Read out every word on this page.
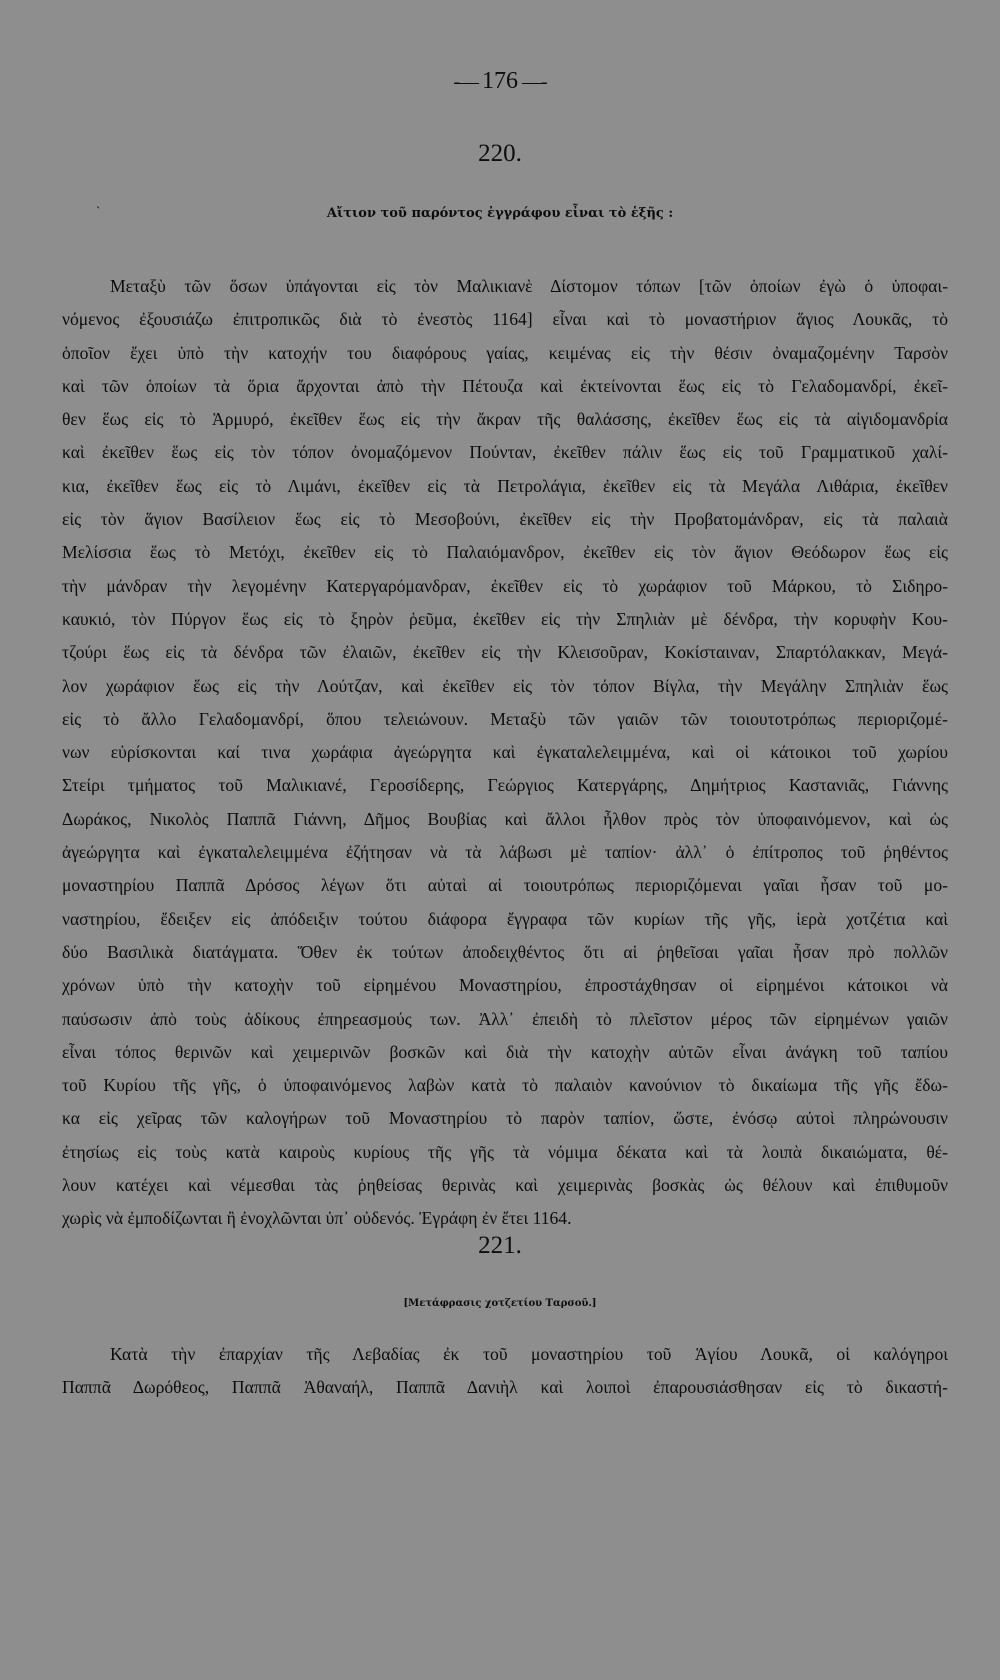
‑— 176 —‑
220.
ˎ
Αἴτιον τοῦ παρόντος ἐγγράφου εἶναι τὸ ἑξῆς :
Μεταξὺ τῶν ὅσων ὑπάγονται εἰς τὸν Μαλικιανὲ Δίστομον τόπων [τῶν ὁποίων ἐγὼ ὁ ὑποφαι-
νόμενος ἐξουσιάζω ἐπιτροπικῶς διὰ τὸ ἐνεστὸς 1164] εἶναι καὶ τὸ μοναστήριον ἅγιος Λουκᾶς, τὸ
ὁποῖον ἔχει ὑπὸ τὴν κατοχήν του διαφόρους γαίας, κειμένας εἰς τὴν θέσιν ὀναμαζομένην Ταρσὸν
καὶ τῶν ὁποίων τὰ ὅρια ἄρχονται ἀπὸ τὴν Πέτουζα καὶ ἐκτείνονται ἕως εἰς τὸ Γελαδομανδρί, ἐκεῖ-
θεν ἕως εἰς τὸ Ἁρμυρό, ἐκεῖθεν ἕως εἰς τὴν ἄκραν τῆς θαλάσσης, ἐκεῖθεν ἕως εἰς τὰ αἰγιδομανδρία
καὶ ἐκεῖθεν ἕως εἰς τὸν τόπον ὀνομαζόμενον Πούνταν, ἐκεῖθεν πάλιν ἕως εἰς τοῦ Γραμματικοῦ χαλί-
κια, ἐκεῖθεν ἕως εἰς τὸ Λιμάνι, ἐκεῖθεν εἰς τὰ Πετρολάγια, ἐκεῖθεν εἰς τὰ Μεγάλα Λιθάρια, ἐκεῖθεν
εἰς τὸν ἅγιον Βασίλειον ἕως εἰς τὸ Μεσοβούνι, ἐκεῖθεν εἰς τὴν Προβατομάνδραν, εἰς τὰ παλαιὰ
Μελίσσια ἕως τὸ Μετόχι, ἐκεῖθεν εἰς τὸ Παλαιόμανδρον, ἐκεῖθεν εἰς τὸν ἅγιον Θεόδωρον ἕως εἰς
τὴν μάνδραν τὴν λεγομένην Κατεργαρόμανδραν, ἐκεῖθεν εἰς τὸ χωράφιον τοῦ Μάρκου, τὸ Σιδηρο-
καυκιό, τὸν Πύργον ἕως εἰς τὸ ξηρὸν ῥεῦμα, ἐκεῖθεν εἰς τὴν Σπηλιὰν μὲ δένδρα, τὴν κορυφὴν Κου-
τζούρι ἕως εἰς τὰ δένδρα τῶν ἐλαιῶν, ἐκεῖθεν εἰς τὴν Κλεισοῦραν, Κοκίσταιναν, Σπαρτόλακκαν, Μεγά-
λον χωράφιον ἕως εἰς τὴν Λούτζαν, καὶ ἐκεῖθεν εἰς τὸν τόπον Βίγλα, τὴν Μεγάλην Σπηλιὰν ἕως
εἰς τὸ ἄλλο Γελαδομανδρί, ὅπου τελειώνουν. Μεταξὺ τῶν γαιῶν τῶν τοιουτοτρόπως περιοριζομέ-
νων εὑρίσκονται καί τινα χωράφια ἀγεώργητα καὶ ἐγκαταλελειμμένα, καὶ οἱ κάτοικοι τοῦ χωρίου
Στείρι τμήματος τοῦ Μαλικιανέ, Γεροσίδερης, Γεώργιος Κατεργάρης, Δημήτριος Καστανιᾶς, Γιάννης
Δωράκος, Νικολὸς Παππᾶ Γιάννη, Δῆμος Βουβίας καὶ ἄλλοι ἦλθον πρὸς τὸν ὑποφαινόμενον, καὶ ὡς
ἀγεώργητα καὶ ἐγκαταλελειμμένα ἐζήτησαν νὰ τὰ λάβωσι μὲ ταπίον· ἀλλ᾽ ὁ ἐπίτροπος τοῦ ῥηθέντος
μοναστηρίου Παππᾶ Δρόσος λέγων ὅτι αὐταὶ αἱ τοιουτρόπως περιοριζόμεναι γαῖαι ἦσαν τοῦ μο-
ναστηρίου, ἔδειξεν εἰς ἀπόδειξιν τούτου διάφορα ἔγγραφα τῶν κυρίων τῆς γῆς, ἱερὰ χοτζέτια καὶ
δύο Βασιλικὰ διατάγματα. Ὅθεν ἐκ τούτων ἀποδειχθέντος ὅτι αἱ ῥηθεῖσαι γαῖαι ἦσαν πρὸ πολλῶν
χρόνων ὑπὸ τὴν κατοχὴν τοῦ εἰρημένου Μοναστηρίου, ἐπροστάχθησαν οἱ εἰρημένοι κάτοικοι νὰ
παύσωσιν ἀπὸ τοὺς ἀδίκους ἐπηρεασμούς των. Ἀλλ᾽ ἐπειδὴ τὸ πλεῖστον μέρος τῶν εἰρημένων γαιῶν
εἶναι τόπος θερινῶν καὶ χειμερινῶν βοσκῶν καὶ διὰ τὴν κατοχὴν αὐτῶν εἶναι ἀνάγκη τοῦ ταπίου
τοῦ Κυρίου τῆς γῆς, ὁ ὑποφαινόμενος λαβὼν κατὰ τὸ παλαιὸν κανούνιον τὸ δικαίωμα τῆς γῆς ἔδω-
κα εἰς χεῖρας τῶν καλογήρων τοῦ Μοναστηρίου τὸ παρὸν ταπίον, ὥστε, ἐνόσῳ αὐτοὶ πληρώνουσιν
ἐτησίως εἰς τοὺς κατὰ καιροὺς κυρίους τῆς γῆς τὰ νόμιμα δέκατα καὶ τὰ λοιπὰ δικαιώματα, θέ-
λουν κατέχει καὶ νέμεσθαι τὰς ῥηθείσας θερινὰς καὶ χειμερινὰς βοσκὰς ὡς θέλουν καὶ ἐπιθυμοῦν
χωρὶς νὰ ἐμποδίζωνται ἢ ἐνοχλῶνται ὑπ᾽ οὐδενός. Ἐγράφη ἐν ἔτει 1164.
221.
[Μετάφρασις χοτζετίου Ταρσοῦ.]
Κατὰ τὴν ἐπαρχίαν τῆς Λεβαδίας ἐκ τοῦ μοναστηρίου τοῦ Ἁγίου Λουκᾶ, οἱ καλόγηροι
Παππᾶ Δωρόθεος, Παππᾶ Ἀθαναήλ, Παππᾶ Δανιὴλ καὶ λοιποὶ ἐπαρουσιάσθησαν εἰς τὸ δικαστή-
